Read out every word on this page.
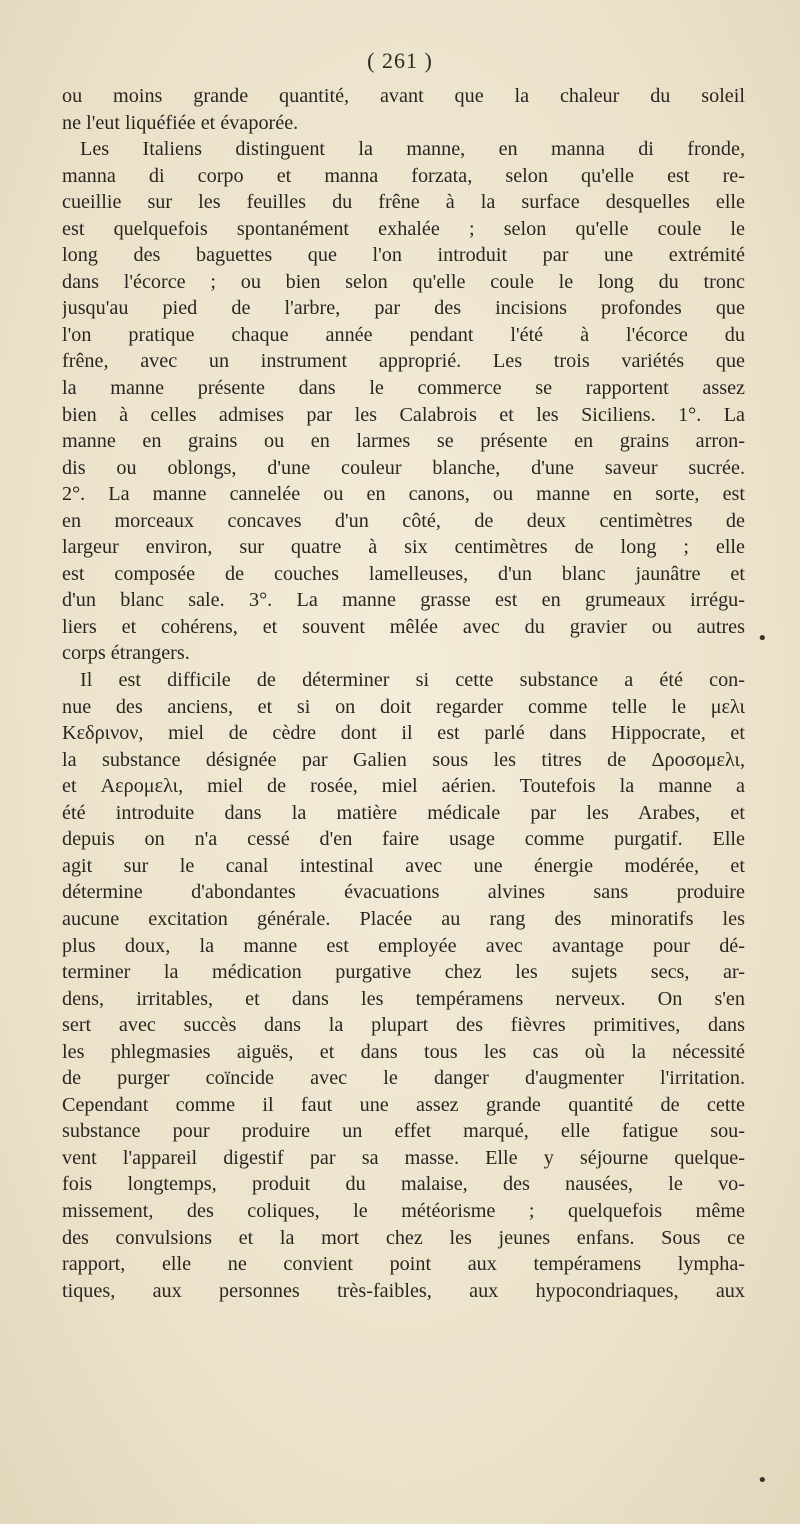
( 261 )
ou moins grande quantité, avant que la chaleur du soleil
ne l'eut liquéfiée et évaporée.
Les Italiens distinguent la manne, en manna di fronde,
manna di corpo et manna forzata, selon qu'elle est re-
cueillie sur les feuilles du frêne à la surface desquelles elle
est quelquefois spontanément exhalée ; selon qu'elle coule le
long des baguettes que l'on introduit par une extrémité
dans l'écorce ; ou bien selon qu'elle coule le long du tronc
jusqu'au pied de l'arbre, par des incisions profondes que
l'on pratique chaque année pendant l'été à l'écorce du
frêne, avec un instrument approprié. Les trois variétés que
la manne présente dans le commerce se rapportent assez
bien à celles admises par les Calabrois et les Siciliens. 1°. La
manne en grains ou en larmes se présente en grains arron-
dis ou oblongs, d'une couleur blanche, d'une saveur sucrée.
2°. La manne cannelée ou en canons, ou manne en sorte, est
en morceaux concaves d'un côté, de deux centimètres de
largeur environ, sur quatre à six centimètres de long ; elle
est composée de couches lamelleuses, d'un blanc jaunâtre et
d'un blanc sale. 3°. La manne grasse est en grumeaux irrégu-
liers et cohérens, et souvent mêlée avec du gravier ou autres
corps étrangers.
Il est difficile de déterminer si cette substance a été con-
nue des anciens, et si on doit regarder comme telle le μελι
Κεδρινον, miel de cèdre dont il est parlé dans Hippocrate, et
la substance désignée par Galien sous les titres de Δροσομελι,
et Αερομελι, miel de rosée, miel aérien. Toutefois la manne a
été introduite dans la matière médicale par les Arabes, et
depuis on n'a cessé d'en faire usage comme purgatif. Elle
agit sur le canal intestinal avec une énergie modérée, et
détermine d'abondantes évacuations alvines sans produire
aucune excitation générale. Placée au rang des minoratifs les
plus doux, la manne est employée avec avantage pour dé-
terminer la médication purgative chez les sujets secs, ar-
dens, irritables, et dans les tempéramens nerveux. On s'en
sert avec succès dans la plupart des fièvres primitives, dans
les phlegmasies aiguës, et dans tous les cas où la nécessité
de purger coïncide avec le danger d'augmenter l'irritation.
Cependant comme il faut une assez grande quantité de cette
substance pour produire un effet marqué, elle fatigue sou-
vent l'appareil digestif par sa masse. Elle y séjourne quelque-
fois longtemps, produit du malaise, des nausées, le vo-
missement, des coliques, le météorisme ; quelquefois même
des convulsions et la mort chez les jeunes enfans. Sous ce
rapport, elle ne convient point aux tempéramens lympha-
tiques, aux personnes très-faibles, aux hypocondriaques, aux
•
•
